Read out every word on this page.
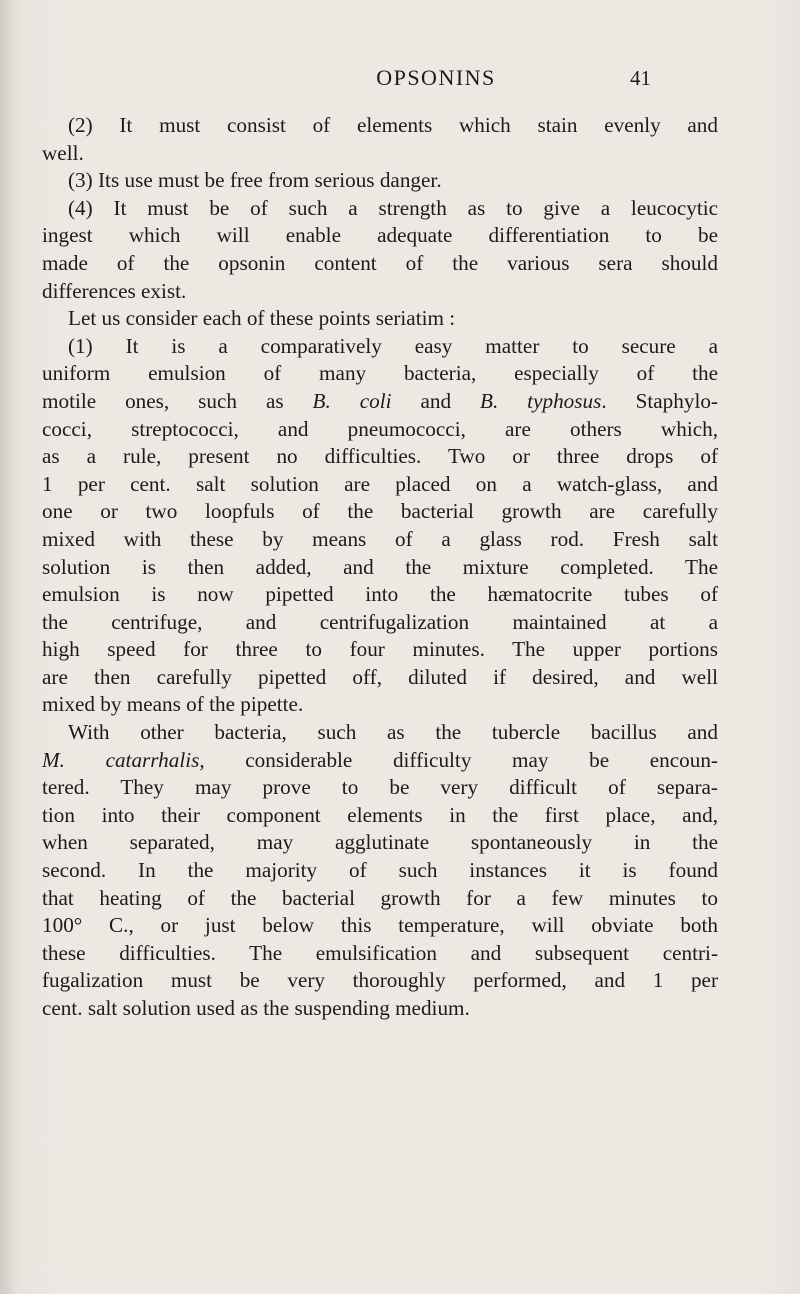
OPSONINS	41
(2) It must consist of elements which stain evenly and
well.
(3) Its use must be free from serious danger.
(4) It must be of such a strength as to give a leucocytic
ingest which will enable adequate differentiation to be
made of the opsonin content of the various sera should
differences exist.
Let us consider each of these points seriatim :
(1) It is a comparatively easy matter to secure a
uniform emulsion of many bacteria, especially of the
motile ones, such as B. coli and B. typhosus. Staphylo-
cocci, streptococci, and pneumococci, are others which,
as a rule, present no difficulties. Two or three drops of
1 per cent. salt solution are placed on a watch-glass, and
one or two loopfuls of the bacterial growth are carefully
mixed with these by means of a glass rod. Fresh salt
solution is then added, and the mixture completed. The
emulsion is now pipetted into the hæmatocrite tubes of
the centrifuge, and centrifugalization maintained at a
high speed for three to four minutes. The upper portions
are then carefully pipetted off, diluted if desired, and well
mixed by means of the pipette.
With other bacteria, such as the tubercle bacillus and
M. catarrhalis, considerable difficulty may be encoun-
tered. They may prove to be very difficult of separa-
tion into their component elements in the first place, and,
when separated, may agglutinate spontaneously in the
second. In the majority of such instances it is found
that heating of the bacterial growth for a few minutes to
100° C., or just below this temperature, will obviate both
these difficulties. The emulsification and subsequent centri-
fugalization must be very thoroughly performed, and 1 per
cent. salt solution used as the suspending medium.
